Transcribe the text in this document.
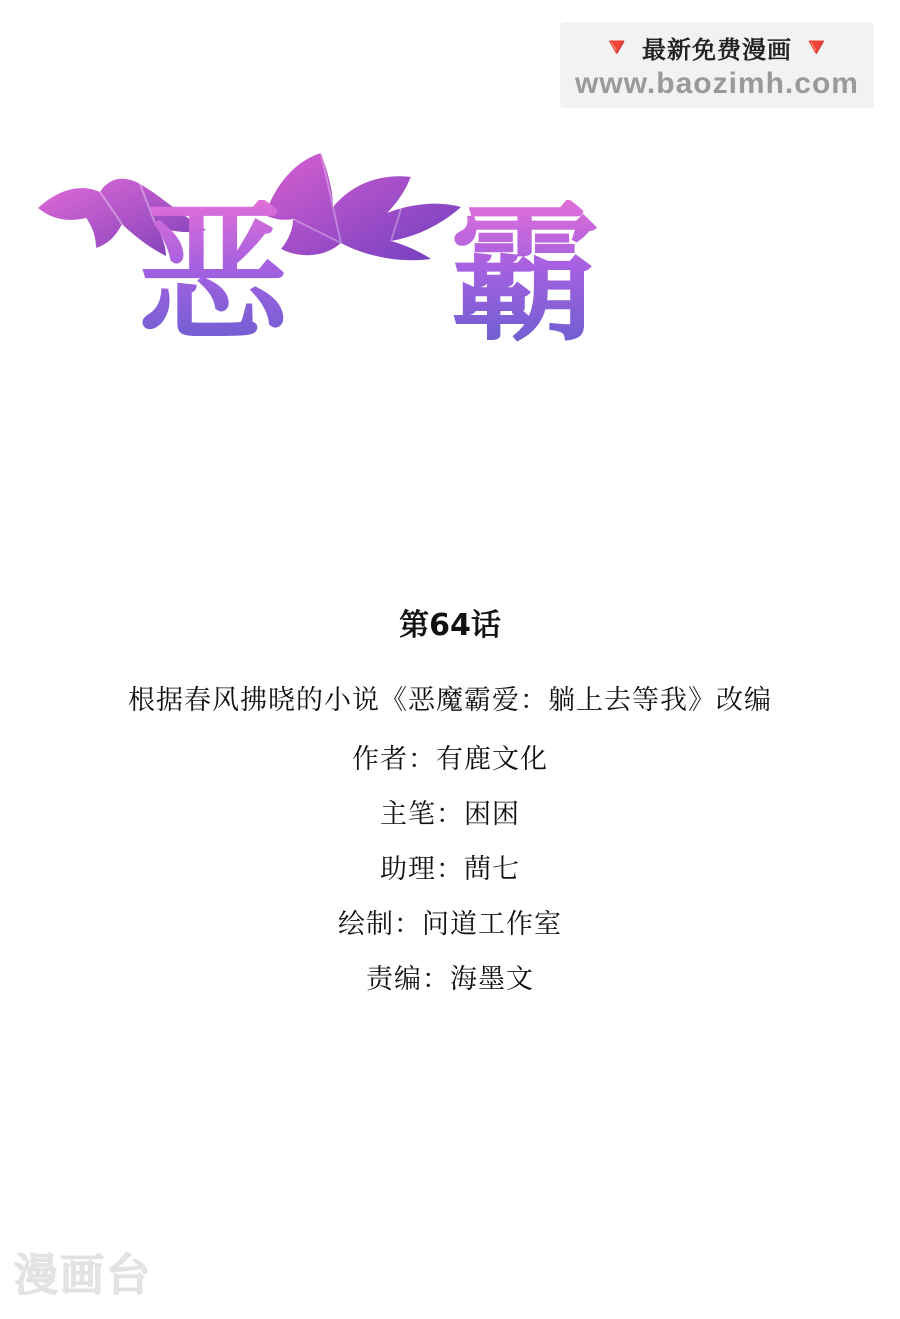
🔻 最新免费漫画 🔻
www.baozimh.com
恶魔霸爱
第64话
根据春风拂晓的小说《恶魔霸爱：躺上去等我》改编
作者：有鹿文化
主笔：困困
助理：蔄七
绘制：问道工作室
责编：海墨文
漫画台
